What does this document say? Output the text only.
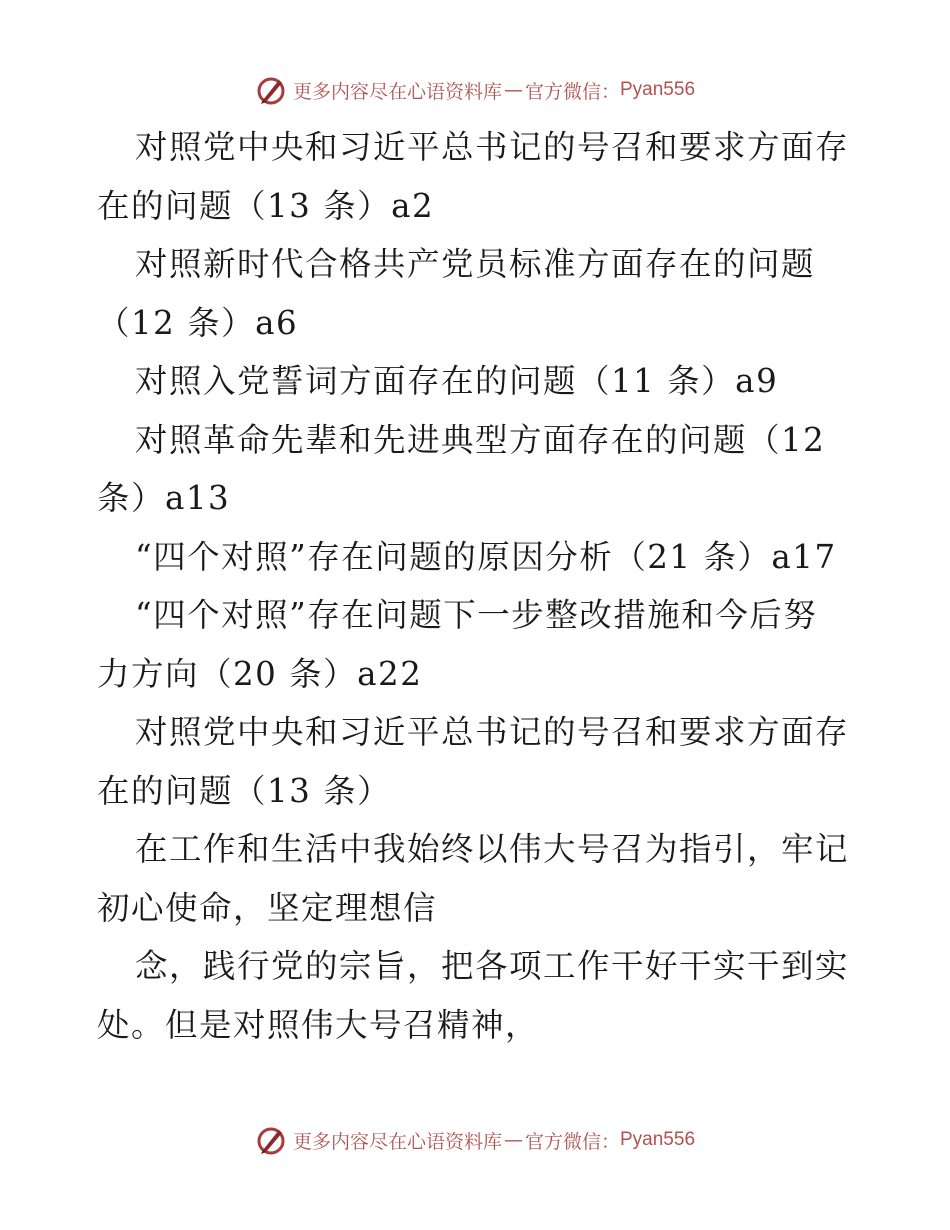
更多内容尽在心语资料库 — 官方微信： Pyan556
对照党中央和习近平总书记的号召和要求方面存
在的问题（13 条）a2
对照新时代合格共产党员标准方面存在的问题
（12 条）a6
对照入党誓词方面存在的问题（11 条）a9
对照革命先辈和先进典型方面存在的问题（12
条）a13
“四个对照”存在问题的原因分析（21 条）a17
“四个对照”存在问题下一步整改措施和今后努
力方向（20 条）a22
对照党中央和习近平总书记的号召和要求方面存
在的问题（13 条）
在工作和生活中我始终以伟大号召为指引，牢记
初心使命，坚定理想信
念，践行党的宗旨，把各项工作干好干实干到实
处。但是对照伟大号召精神，
更多内容尽在心语资料库 — 官方微信： Pyan556
